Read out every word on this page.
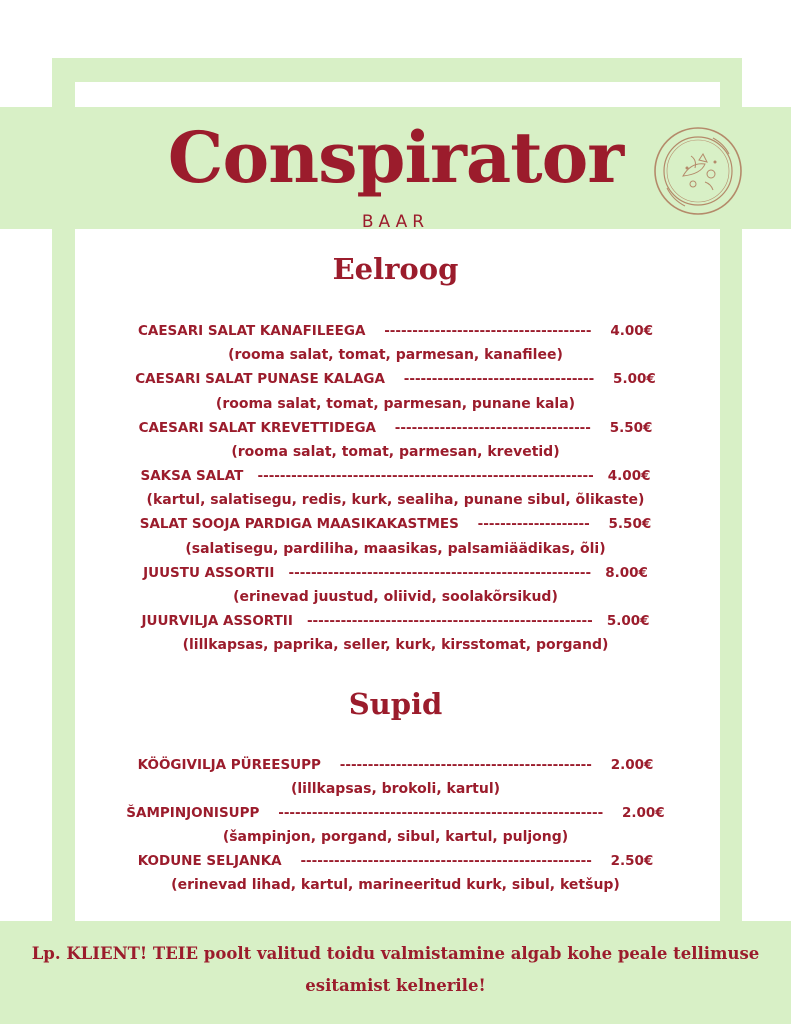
Conspirator
BAAR
Eelroog
CAESARI SALAT KANAFILEEGA    -------------------------------------    4.00€
(rooma salat, tomat, parmesan, kanafilee)
CAESARI SALAT PUNASE KALAGA    ----------------------------------    5.00€
(rooma salat, tomat, parmesan, punane kala)
CAESARI SALAT KREVETTIDEGA    -----------------------------------    5.50€
(rooma salat, tomat, parmesan, krevetid)
SAKSA SALAT   ------------------------------------------------------------   4.00€
(kartul, salatisegu, redis, kurk, sealiha, punane sibul, õlikaste)
SALAT SOOJA PARDIGA MAASIKAKASTMES    --------------------    5.50€
(salatisegu, pardiliha, maasikas, palsamiäädikas, õli)
JUUSTU ASSORTII   ------------------------------------------------------   8.00€
(erinevad juustud, oliivid, soolakõrsikud)
JUURVILJA ASSORTII   ---------------------------------------------------   5.00€
(lillkapsas, paprika, seller, kurk, kirsstomat, porgand)
Supid
KÖÖGIVILJA PÜREESUPP    ---------------------------------------------    2.00€
(lillkapsas, brokoli, kartul)
ŠAMPINJONISUPP    ----------------------------------------------------------    2.00€
(šampinjon, porgand, sibul, kartul, puljong)
KODUNE SELJANKA    ----------------------------------------------------    2.50€
(erinevad lihad, kartul, marineeritud kurk, sibul, ketšup)
Lp. KLIENT! TEIE poolt valitud toidu valmistamine algab kohe peale tellimuse
esitamist kelnerile!
